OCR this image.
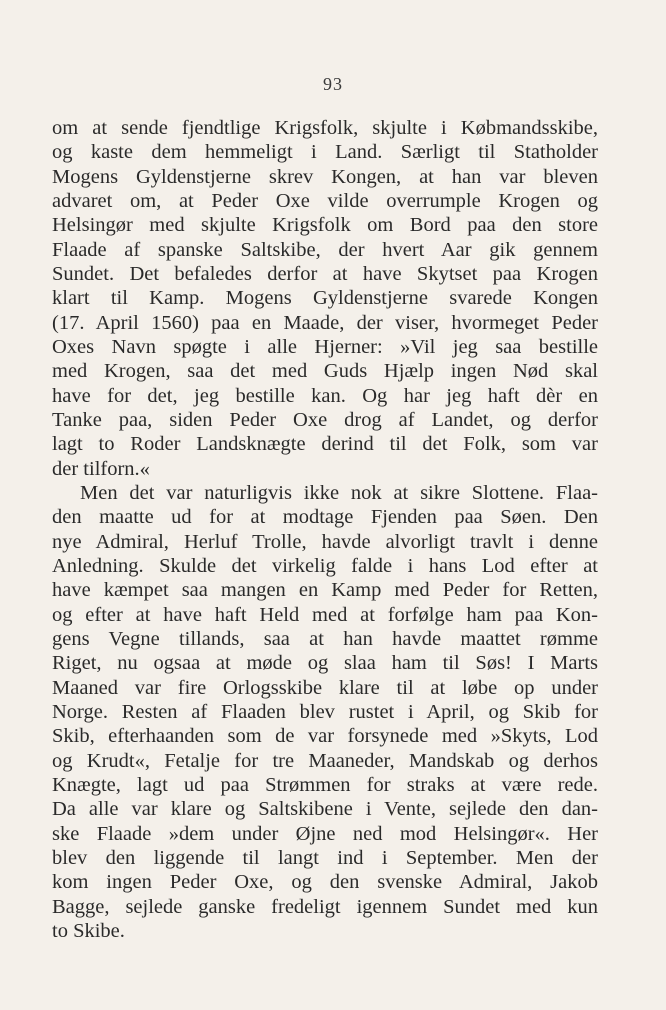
93
om at sende fjendtlige Krigsfolk, skjulte i Købmandsskibe,
og kaste dem hemmeligt i Land. Særligt til Statholder
Mogens Gyldenstjerne skrev Kongen, at han var bleven
advaret om, at Peder Oxe vilde overrumple Krogen og
Helsingør med skjulte Krigsfolk om Bord paa den store
Flaade af spanske Saltskibe, der hvert Aar gik gennem
Sundet. Det befaledes derfor at have Skytset paa Krogen
klart til Kamp. Mogens Gyldenstjerne svarede Kongen
(17. April 1560) paa en Maade, der viser, hvormeget Peder
Oxes Navn spøgte i alle Hjerner: »Vil jeg saa bestille
med Krogen, saa det med Guds Hjælp ingen Nød skal
have for det, jeg bestille kan. Og har jeg haft dèr en
Tanke paa, siden Peder Oxe drog af Landet, og derfor
lagt to Roder Landsknægte derind til det Folk, som var
der tilforn.«
Men det var naturligvis ikke nok at sikre Slottene. Flaa-
den maatte ud for at modtage Fjenden paa Søen. Den
nye Admiral, Herluf Trolle, havde alvorligt travlt i denne
Anledning. Skulde det virkelig falde i hans Lod efter at
have kæmpet saa mangen en Kamp med Peder for Retten,
og efter at have haft Held med at forfølge ham paa Kon-
gens Vegne tillands, saa at han havde maattet rømme
Riget, nu ogsaa at møde og slaa ham til Søs! I Marts
Maaned var fire Orlogsskibe klare til at løbe op under
Norge. Resten af Flaaden blev rustet i April, og Skib for
Skib, efterhaanden som de var forsynede med »Skyts, Lod
og Krudt«, Fetalje for tre Maaneder, Mandskab og derhos
Knægte, lagt ud paa Strømmen for straks at være rede.
Da alle var klare og Saltskibene i Vente, sejlede den dan-
ske Flaade »dem under Øjne ned mod Helsingør«. Her
blev den liggende til langt ind i September. Men der
kom ingen Peder Oxe, og den svenske Admiral, Jakob
Bagge, sejlede ganske fredeligt igennem Sundet med kun
to Skibe.
